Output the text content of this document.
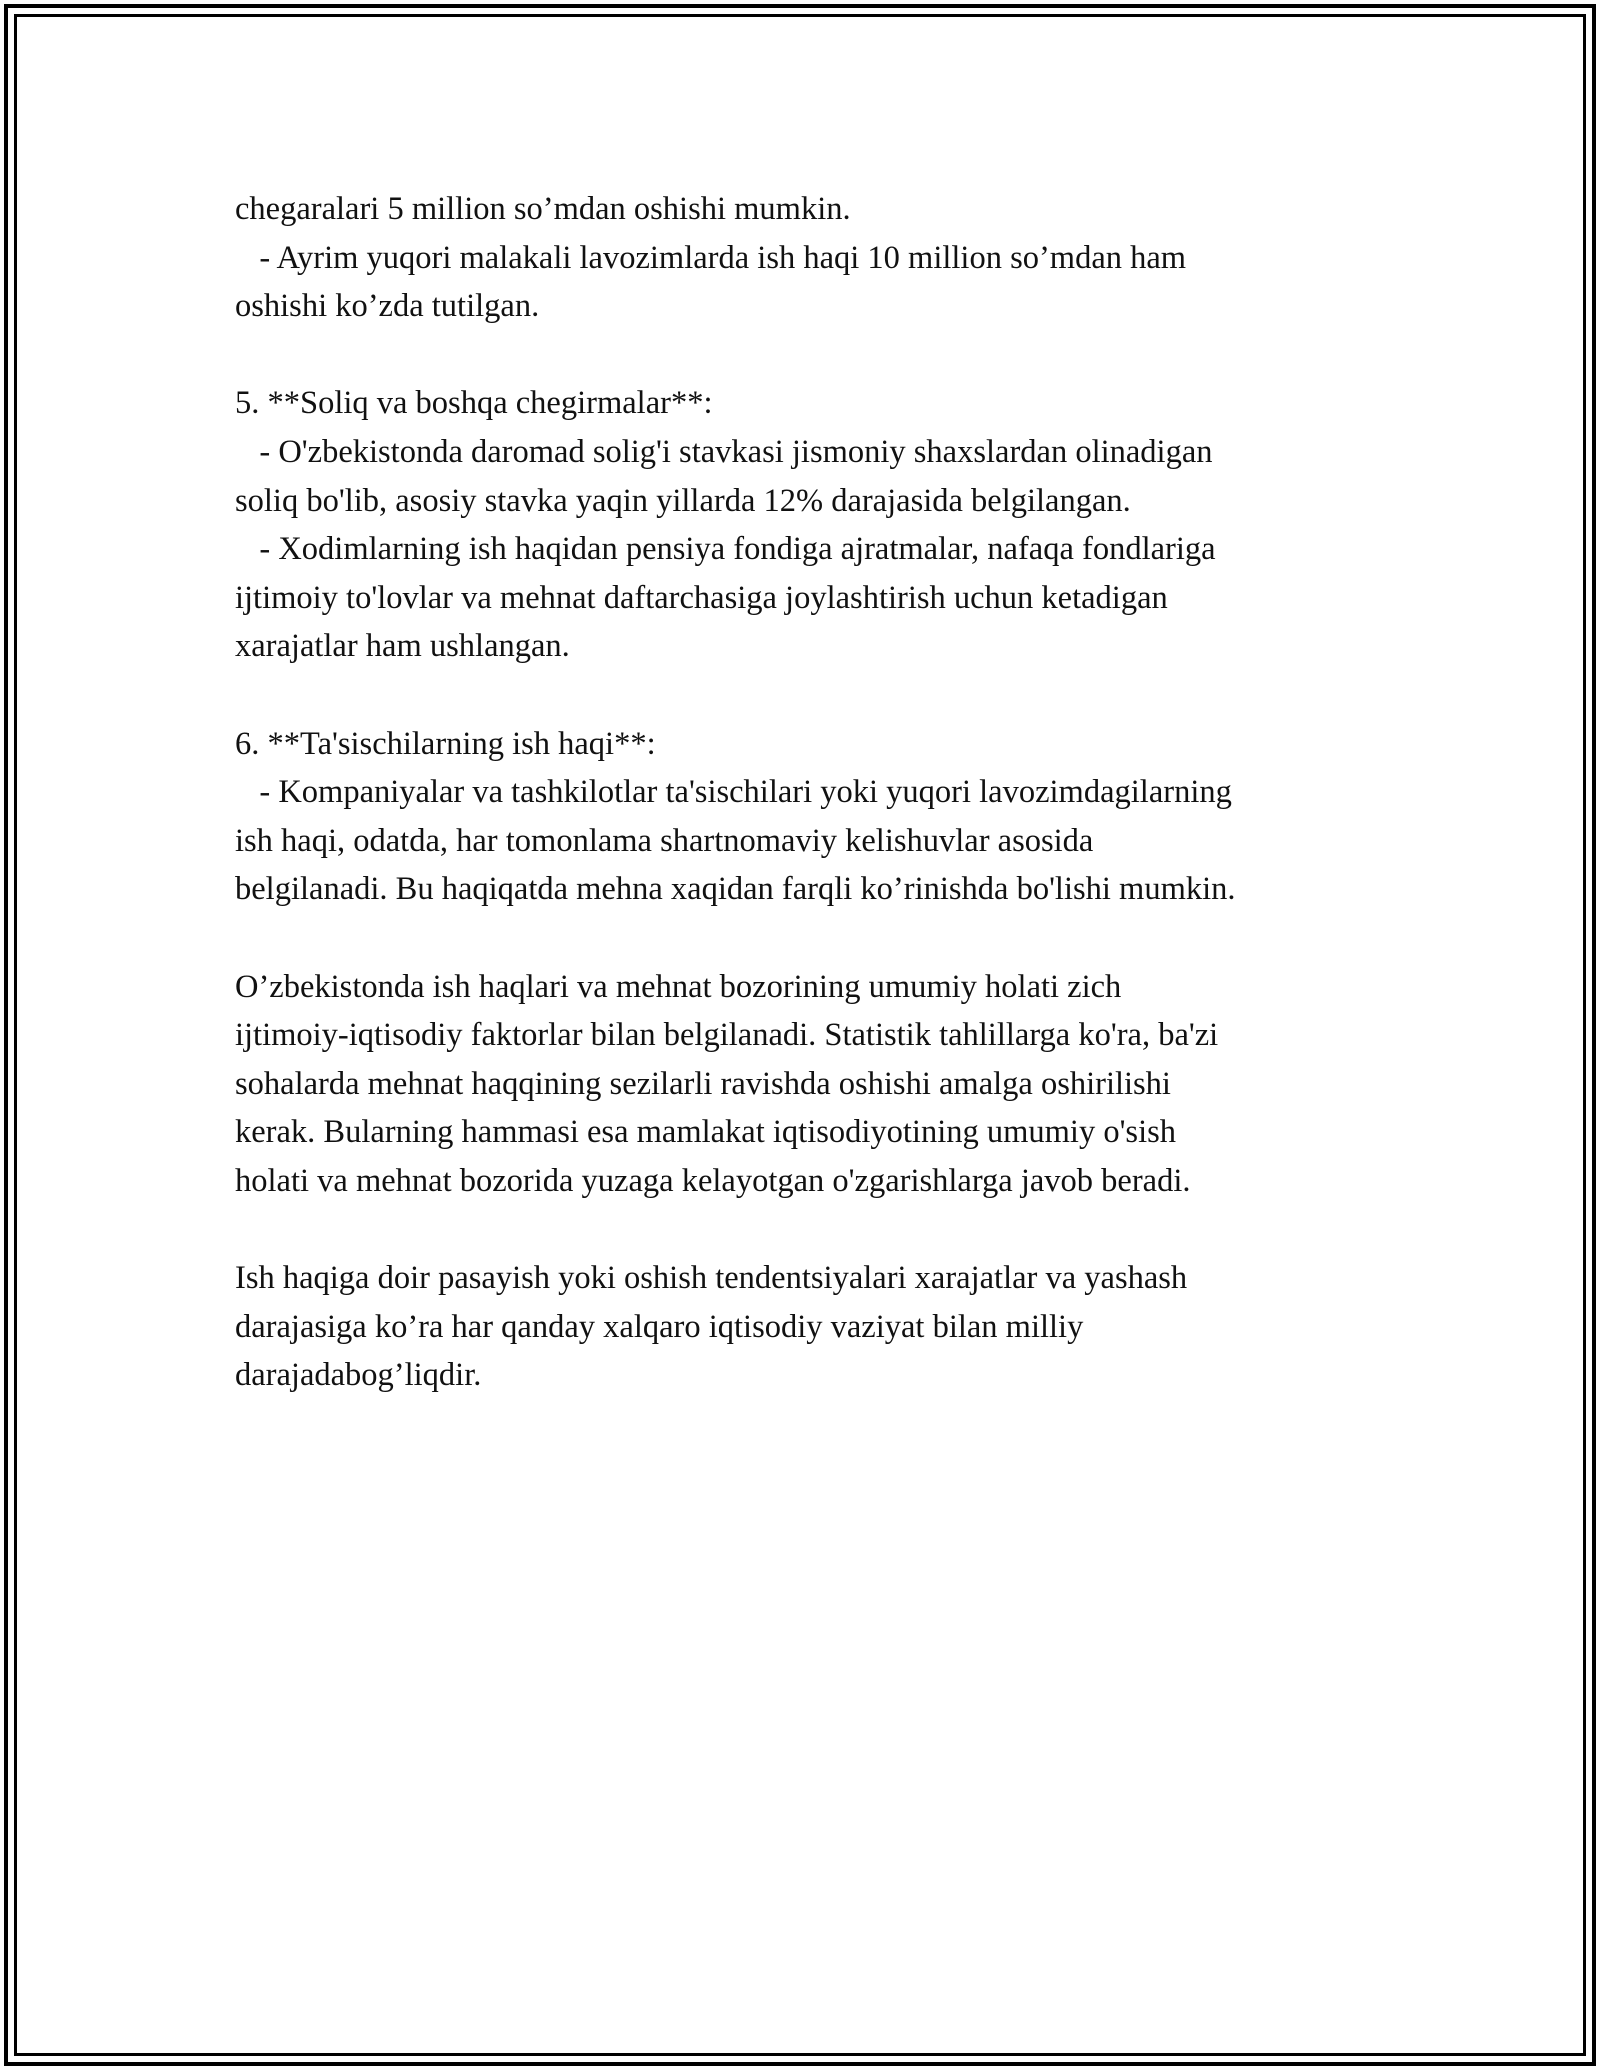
chegaralari 5 million so’mdan oshishi mumkin.
- Ayrim yuqori malakali lavozimlarda ish haqi 10 million so’mdan ham
oshishi ko’zda tutilgan.
5. **Soliq va boshqa chegirmalar**:
- O'zbekistonda daromad solig'i stavkasi jismoniy shaxslardan olinadigan
soliq bo'lib, asosiy stavka yaqin yillarda 12% darajasida belgilangan.
- Xodimlarning ish haqidan pensiya fondiga ajratmalar, nafaqa fondlariga
ijtimoiy to'lovlar va mehnat daftarchasiga joylashtirish uchun ketadigan
xarajatlar ham ushlangan.
6. **Ta'sischilarning ish haqi**:
- Kompaniyalar va tashkilotlar ta'sischilari yoki yuqori lavozimdagilarning
ish haqi, odatda, har tomonlama shartnomaviy kelishuvlar asosida
belgilanadi. Bu haqiqatda mehna xaqidan farqli ko’rinishda bo'lishi mumkin.
O’zbekistonda ish haqlari va mehnat bozorining umumiy holati zich
ijtimoiy-iqtisodiy faktorlar bilan belgilanadi. Statistik tahlillarga ko'ra, ba'zi
sohalarda mehnat haqqining sezilarli ravishda oshishi amalga oshirilishi
kerak. Bularning hammasi esa mamlakat iqtisodiyotining umumiy o'sish
holati va mehnat bozorida yuzaga kelayotgan o'zgarishlarga javob beradi.
Ish haqiga doir pasayish yoki oshish tendentsiyalari xarajatlar va yashash
darajasiga ko’ra har qanday xalqaro iqtisodiy vaziyat bilan milliy
darajadabog’liqdir.
